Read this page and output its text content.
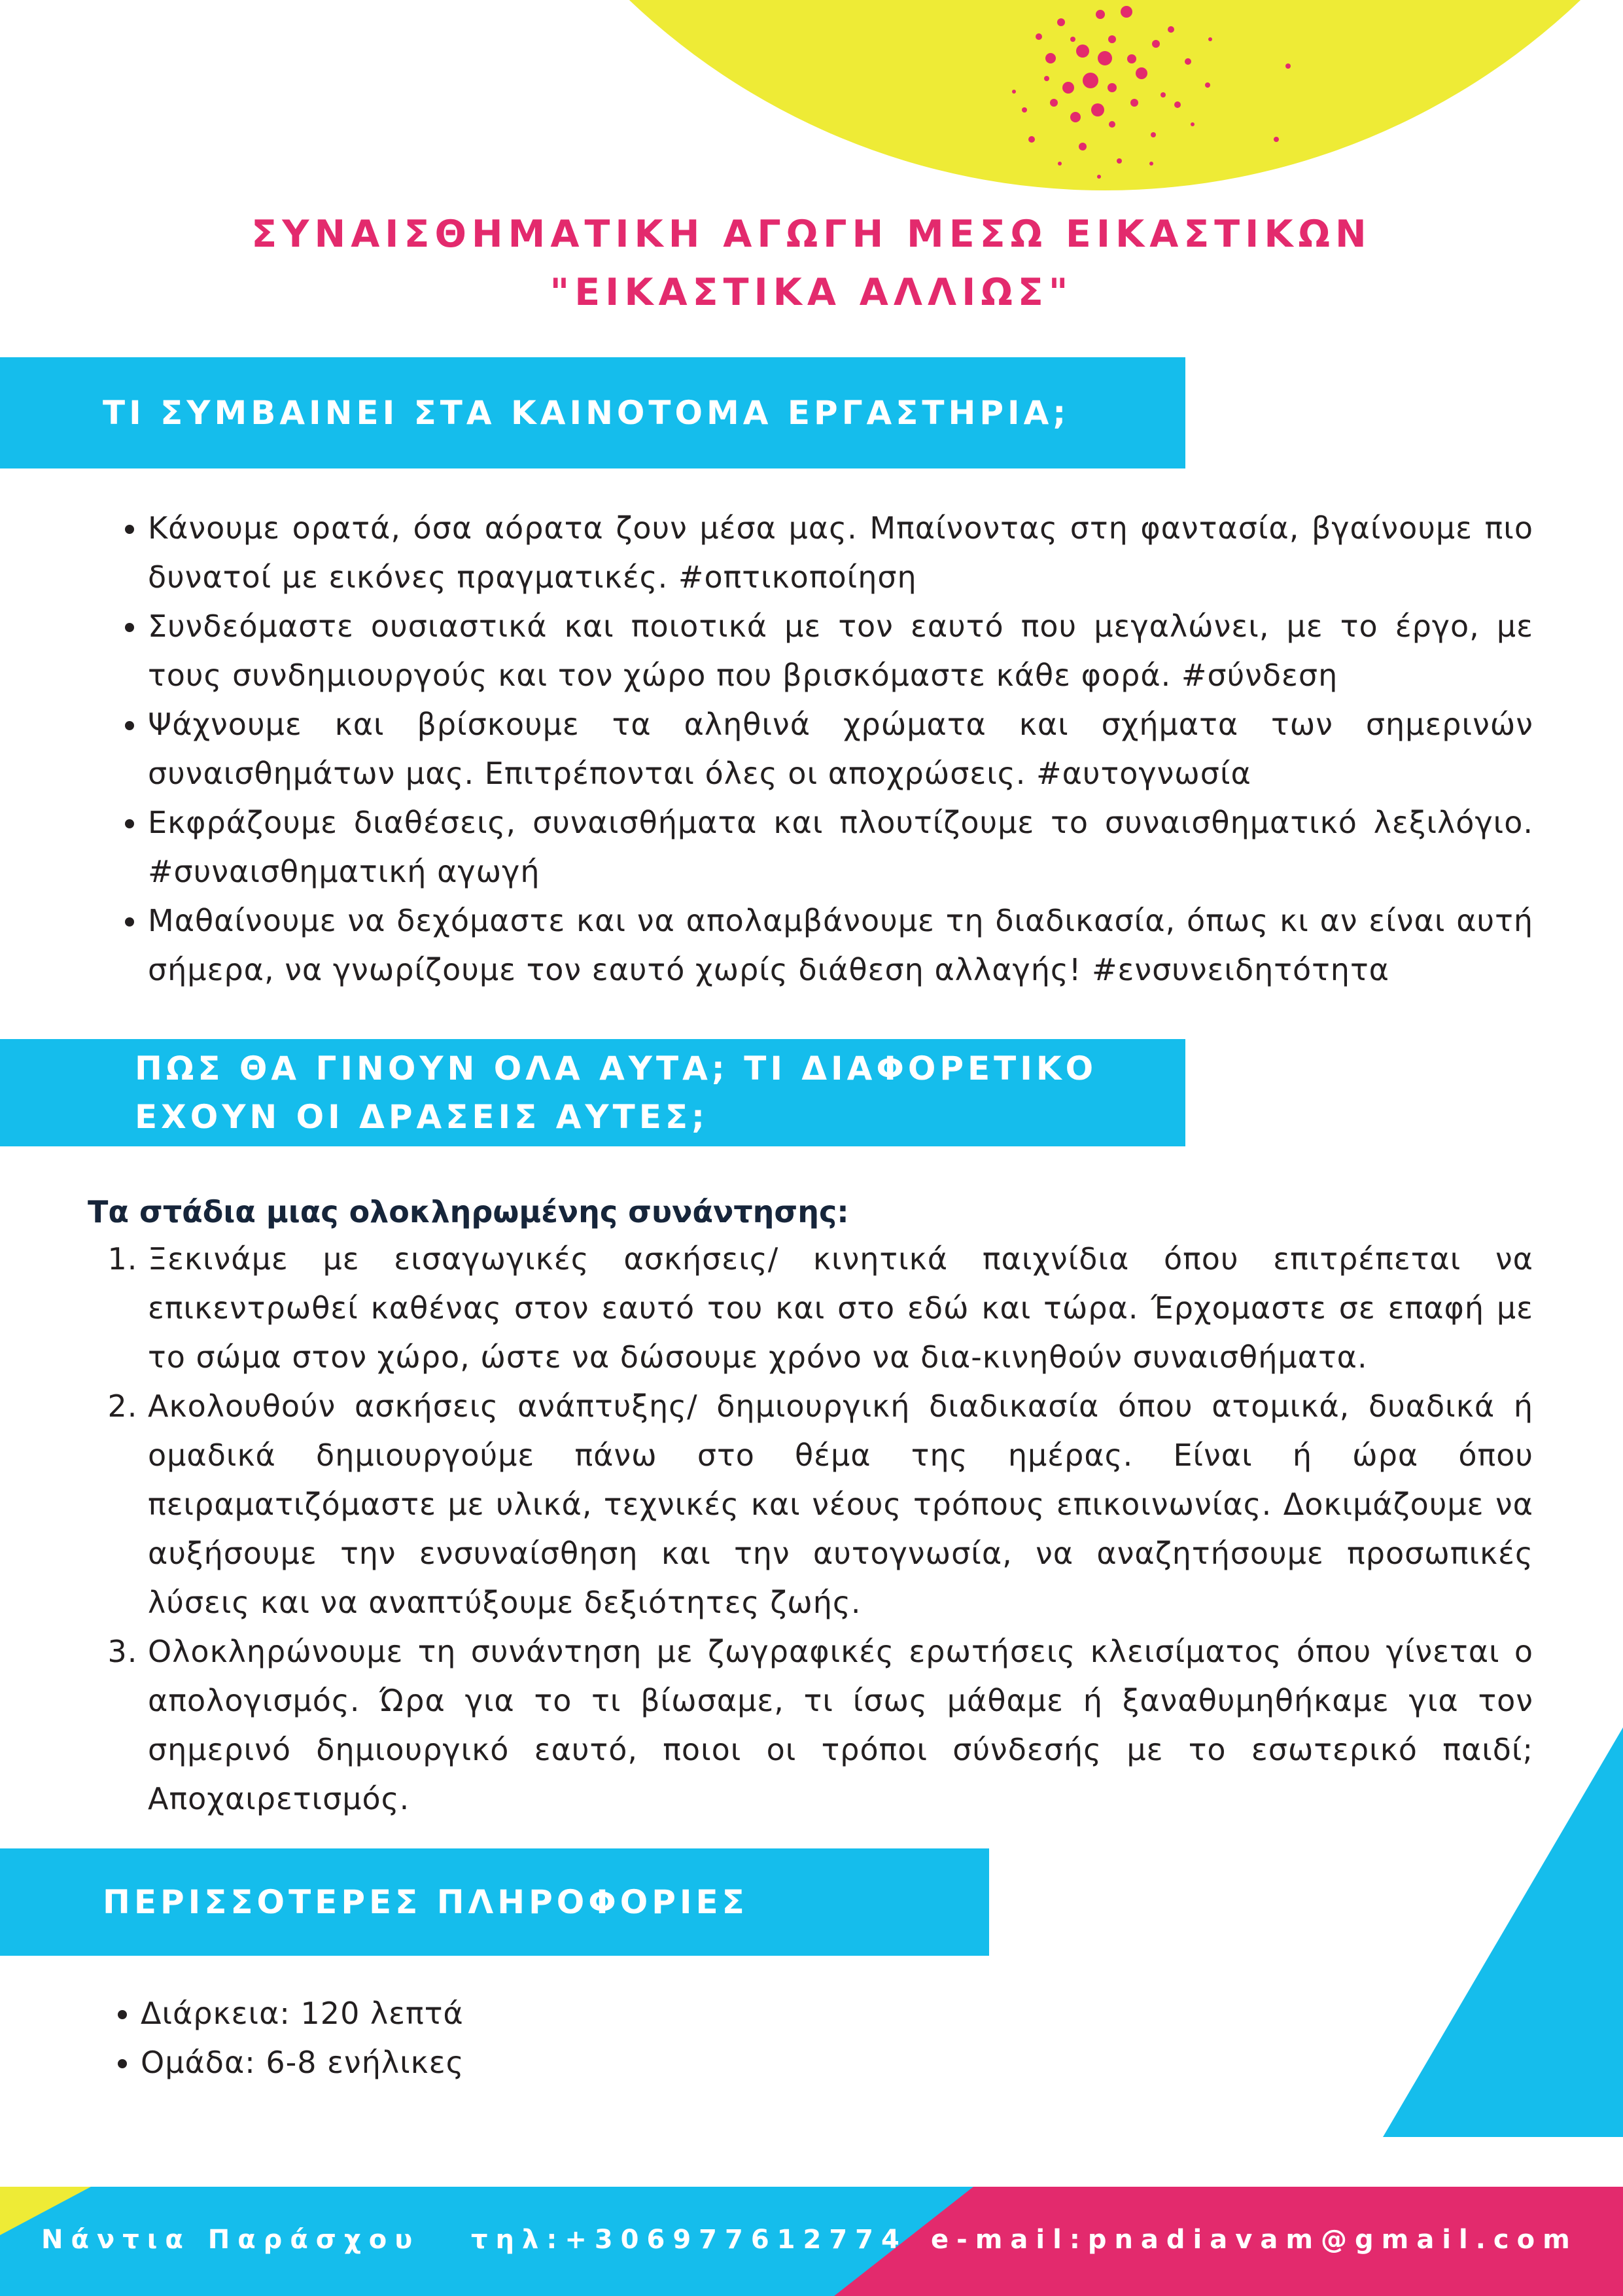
ΣΥΝΑΙΣΘΗΜΑΤΙΚΗ ΑΓΩΓΗ ΜΕΣΩ ΕΙΚΑΣΤΙΚΩΝ
"ΕΙΚΑΣΤΙΚΑ ΑΛΛΙΩΣ"
ΤΙ ΣΥΜΒΑΙΝΕΙ ΣΤΑ ΚΑΙΝΟΤΟΜΑ ΕΡΓΑΣΤΗΡΙΑ;
• Κάνουμε ορατά, όσα αόρατα ζουν μέσα μας. Μπαίνοντας στη φαντασία, βγαίνουμε πιο δυνατοί με εικόνες πραγματικές. #οπτικοποίηση
• Συνδεόμαστε ουσιαστικά και ποιοτικά με τον εαυτό που μεγαλώνει, με το έργο, με τους συνδημιουργούς και τον χώρο που βρισκόμαστε κάθε φορά. #σύνδεση
• Ψάχνουμε και βρίσκουμε τα αληθινά χρώματα και σχήματα των σημερινών συναισθημάτων μας. Επιτρέπονται όλες οι αποχρώσεις. #αυτογνωσία
• Εκφράζουμε διαθέσεις, συναισθήματα και πλουτίζουμε το συναισθηματικό λεξιλόγιο. #συναισθηματική αγωγή
• Μαθαίνουμε να δεχόμαστε και να απολαμβάνουμε τη διαδικασία, όπως κι αν είναι αυτή σήμερα, να γνωρίζουμε τον εαυτό χωρίς διάθεση αλλαγής! #ενσυνειδητότητα
ΠΩΣ ΘΑ ΓΙΝΟΥΝ ΟΛΑ ΑΥΤΑ; ΤΙ ΔΙΑΦΟΡΕΤΙΚΟ
ΕΧΟΥΝ ΟΙ ΔΡΑΣΕΙΣ ΑΥΤΕΣ;
Τα στάδια μιας ολοκληρωμένης συνάντησης:
1. Ξεκινάμε με εισαγωγικές ασκήσεις/ κινητικά παιχνίδια όπου επιτρέπεται να επικεντρωθεί καθένας στον εαυτό του και στο εδώ και τώρα. Έρχομαστε σε επαφή με το σώμα στον χώρο, ώστε να δώσουμε χρόνο να δια-κινηθούν συναισθήματα.
2. Ακολουθούν ασκήσεις ανάπτυξης/ δημιουργική διαδικασία όπου ατομικά, δυαδικά ή ομαδικά δημιουργούμε πάνω στο θέμα της ημέρας. Είναι ή ώρα όπου πειραματιζόμαστε με υλικά, τεχνικές και νέους τρόπους επικοινωνίας. Δοκιμάζουμε να αυξήσουμε την ενσυναίσθηση και την αυτογνωσία, να αναζητήσουμε προσωπικές λύσεις και να αναπτύξουμε δεξιότητες ζωής.
3. Ολοκληρώνουμε τη συνάντηση με ζωγραφικές ερωτήσεις κλεισίματος όπου γίνεται ο απολογισμός. Ώρα για το τι βίωσαμε, τι ίσως μάθαμε ή ξαναθυμηθήκαμε για τον σημερινό δημιουργικό εαυτό, ποιοι οι τρόποι σύνδεσής με το εσωτερικό παιδί; Αποχαιρετισμός.
ΠΕΡΙΣΣΟΤΕΡΕΣ ΠΛΗΡΟΦΟΡΙΕΣ
• Διάρκεια: 120 λεπτά
• Ομάδα: 6-8 ενήλικες
Νάντια Παράσχου τηλ:+306977612774 e-mail:pnadiavam@gmail.com
